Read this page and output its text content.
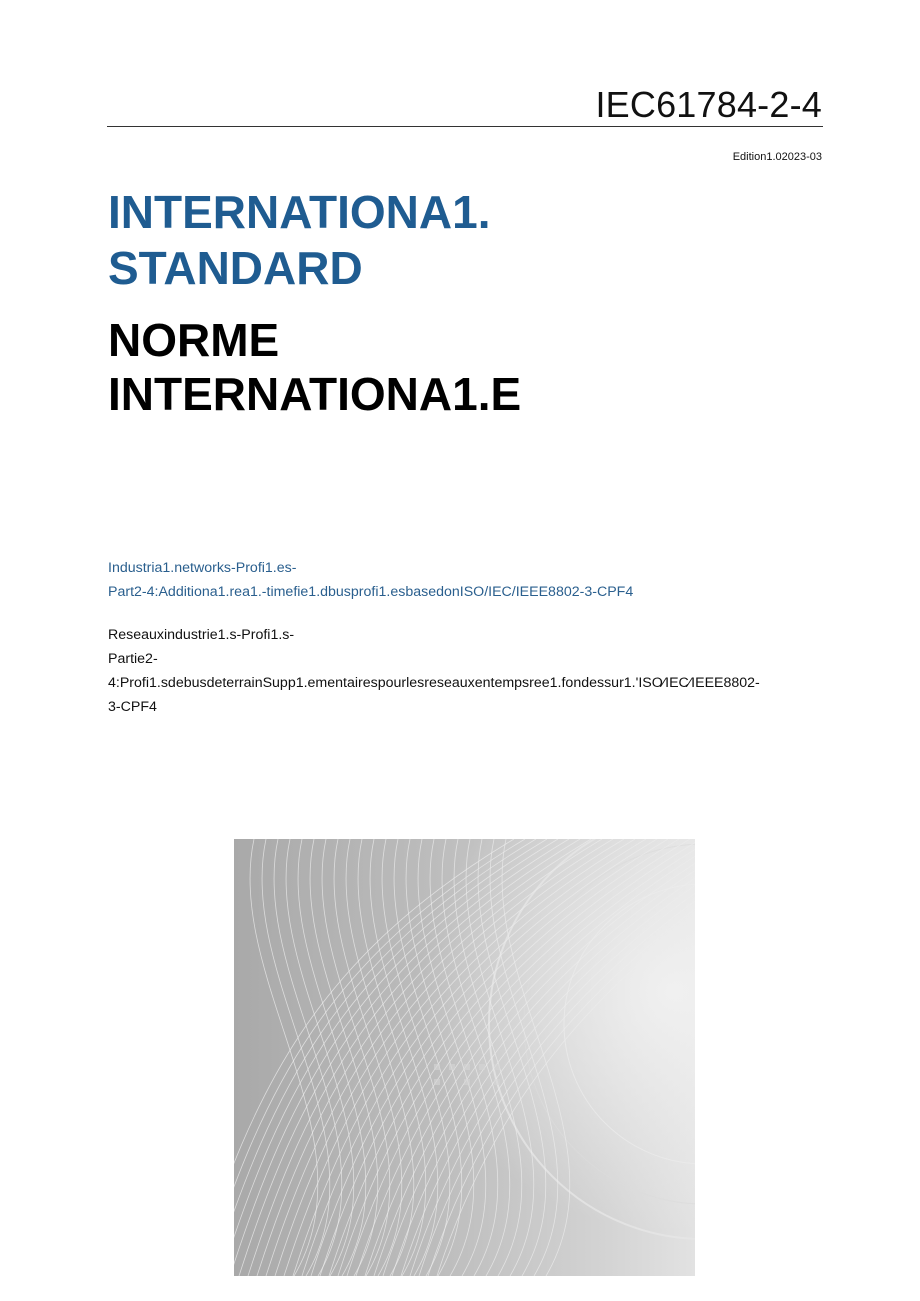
IEC61784-2-4
Edition1.02023-03
INTERNATIONA1.
STANDARD
NORME
INTERNATIONA1.E
Industria1.networks-Profi1.es-
Part2-4:Additiona1.rea1.-timefie1.dbusprofi1.esbasedonISO/IEC/IEEE8802-3-CPF4
Reseauxindustrie1.s-Profi1.s-
Partie2-
4:Profi1.sdebusdeterrainSupp1.ementairespourlesreseauxentempsree1.fondessur1.'ISO⁄IEC⁄IEEE8802-
3-CPF4
